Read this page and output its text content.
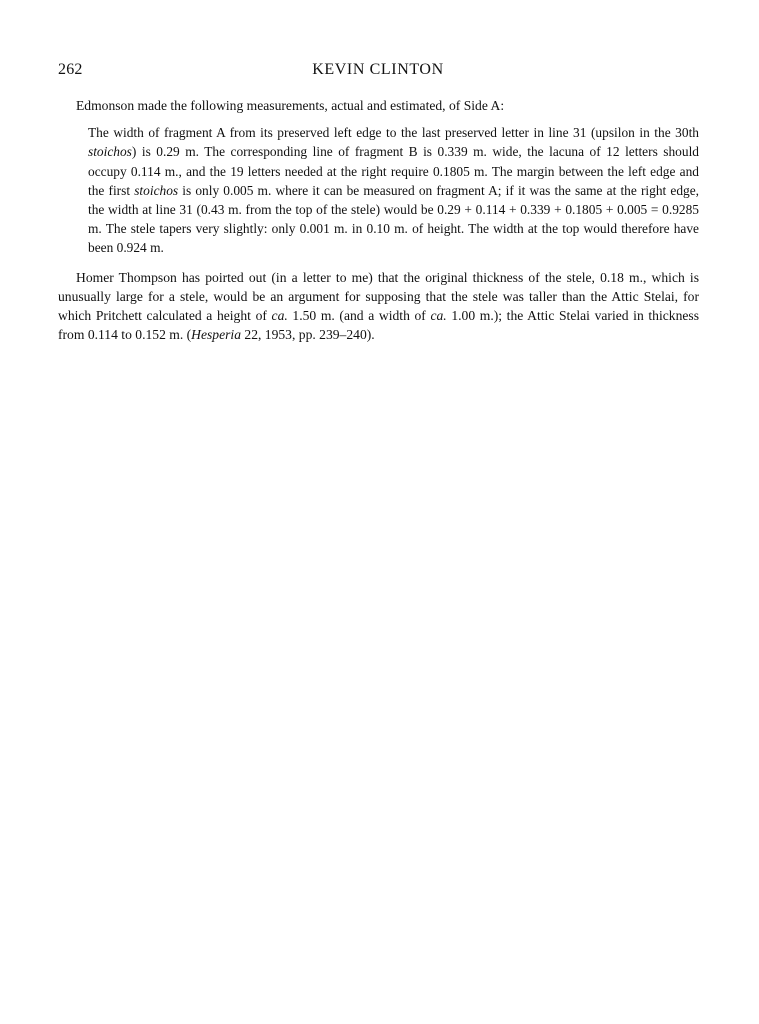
262	KEVIN CLINTON

Edmonson made the following measurements, actual and estimated, of Side A:

The width of fragment A from its preserved left edge to the last preserved letter in line 31 (upsilon in the 30th stoichos) is 0.29 m. The corresponding line of fragment B is 0.339 m. wide, the lacuna of 12 letters should occupy 0.114 m., and the 19 letters needed at the right require 0.1805 m. The margin between the left edge and the first stoichos is only 0.005 m. where it can be measured on fragment A; if it was the same at the right edge, the width at line 31 (0.43 m. from the top of the stele) would be 0.29 + 0.114 + 0.339 + 0.1805 + 0.005 = 0.9285 m. The stele tapers very slightly: only 0.001 m. in 0.10 m. of height. The width at the top would therefore have been 0.924 m.

Homer Thompson has poirted out (in a letter to me) that the original thickness of the stele, 0.18 m., which is unusually large for a stele, would be an argument for supposing that the stele was taller than the Attic Stelai, for which Pritchett calculated a height of ca. 1.50 m. (and a width of ca. 1.00 m.); the Attic Stelai varied in thickness from 0.114 to 0.152 m. (Hesperia 22, 1953, pp. 239–240).
